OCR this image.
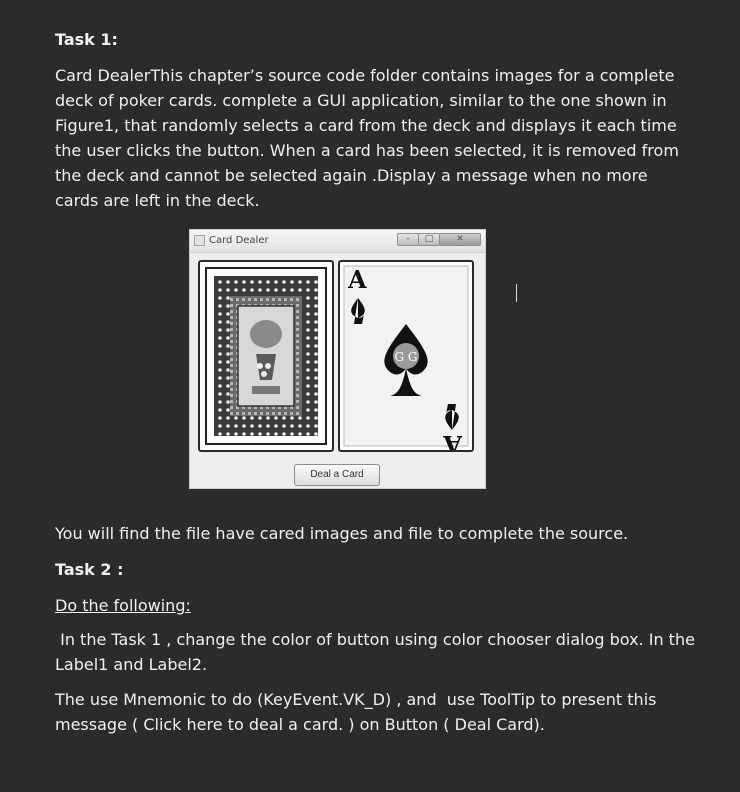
Task 1:
Card DealerThis chapter’s source code folder contains images for a complete deck of poker cards. complete a GUI application, similar to the one shown in Figure1, that randomly selects a card from the deck and displays it each time the user clicks the button. When a card has been selected, it is removed from the deck and cannot be selected again .Display a message when no more cards are left in the deck.
Card Dealer	–	□	✕
A
G G
A
Deal a Card
You will find the file have cared images and file to complete the source.
Task 2 :
Do the following:
In the Task 1 , change the color of button using color chooser dialog box. In the Label1 and Label2.
The use Mnemonic to do (KeyEvent.VK_D) , and  use ToolTip to present this message ( Click here to deal a card. ) on Button ( Deal Card).
